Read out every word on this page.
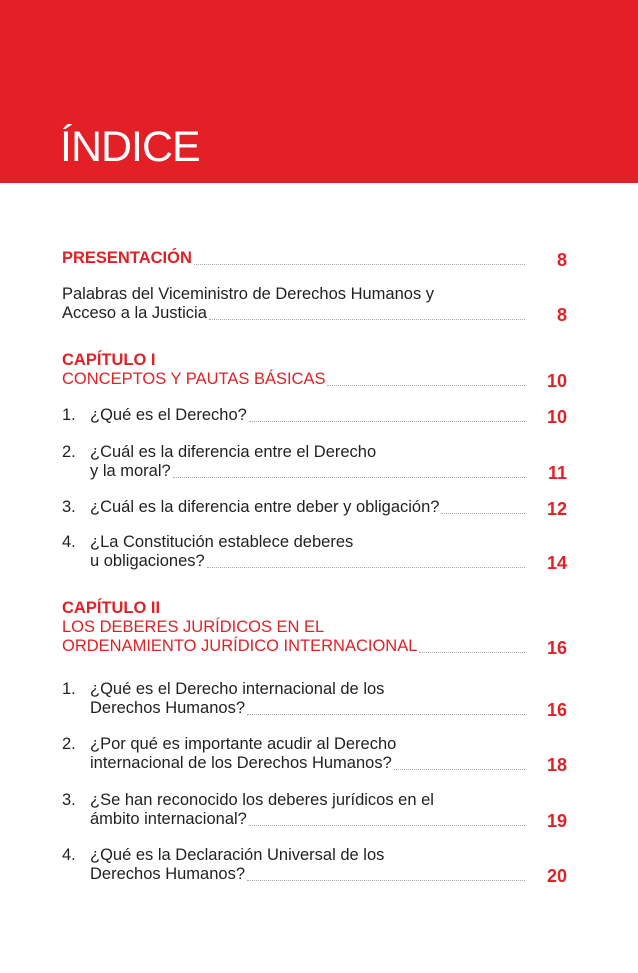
ÍNDICE
PRESENTACIÓN	8
Palabras del Viceministro de Derechos Humanos y
Acceso a la Justicia	8
CAPÍTULO I
CONCEPTOS Y PAUTAS BÁSICAS	10
1. ¿Qué es el Derecho?	10
2. ¿Cuál es la diferencia entre el Derecho
y la moral?	11
3. ¿Cuál es la diferencia entre deber y obligación?	12
4. ¿La Constitución establece deberes
u obligaciones?	14
CAPÍTULO II
LOS DEBERES JURÍDICOS EN EL
ORDENAMIENTO JURÍDICO INTERNACIONAL	16
1. ¿Qué es el Derecho internacional de los
Derechos Humanos?	16
2. ¿Por qué es importante acudir al Derecho
internacional de los Derechos Humanos?	18
3. ¿Se han reconocido los deberes jurídicos en el
ámbito internacional?	19
4. ¿Qué es la Declaración Universal de los
Derechos Humanos?	20
